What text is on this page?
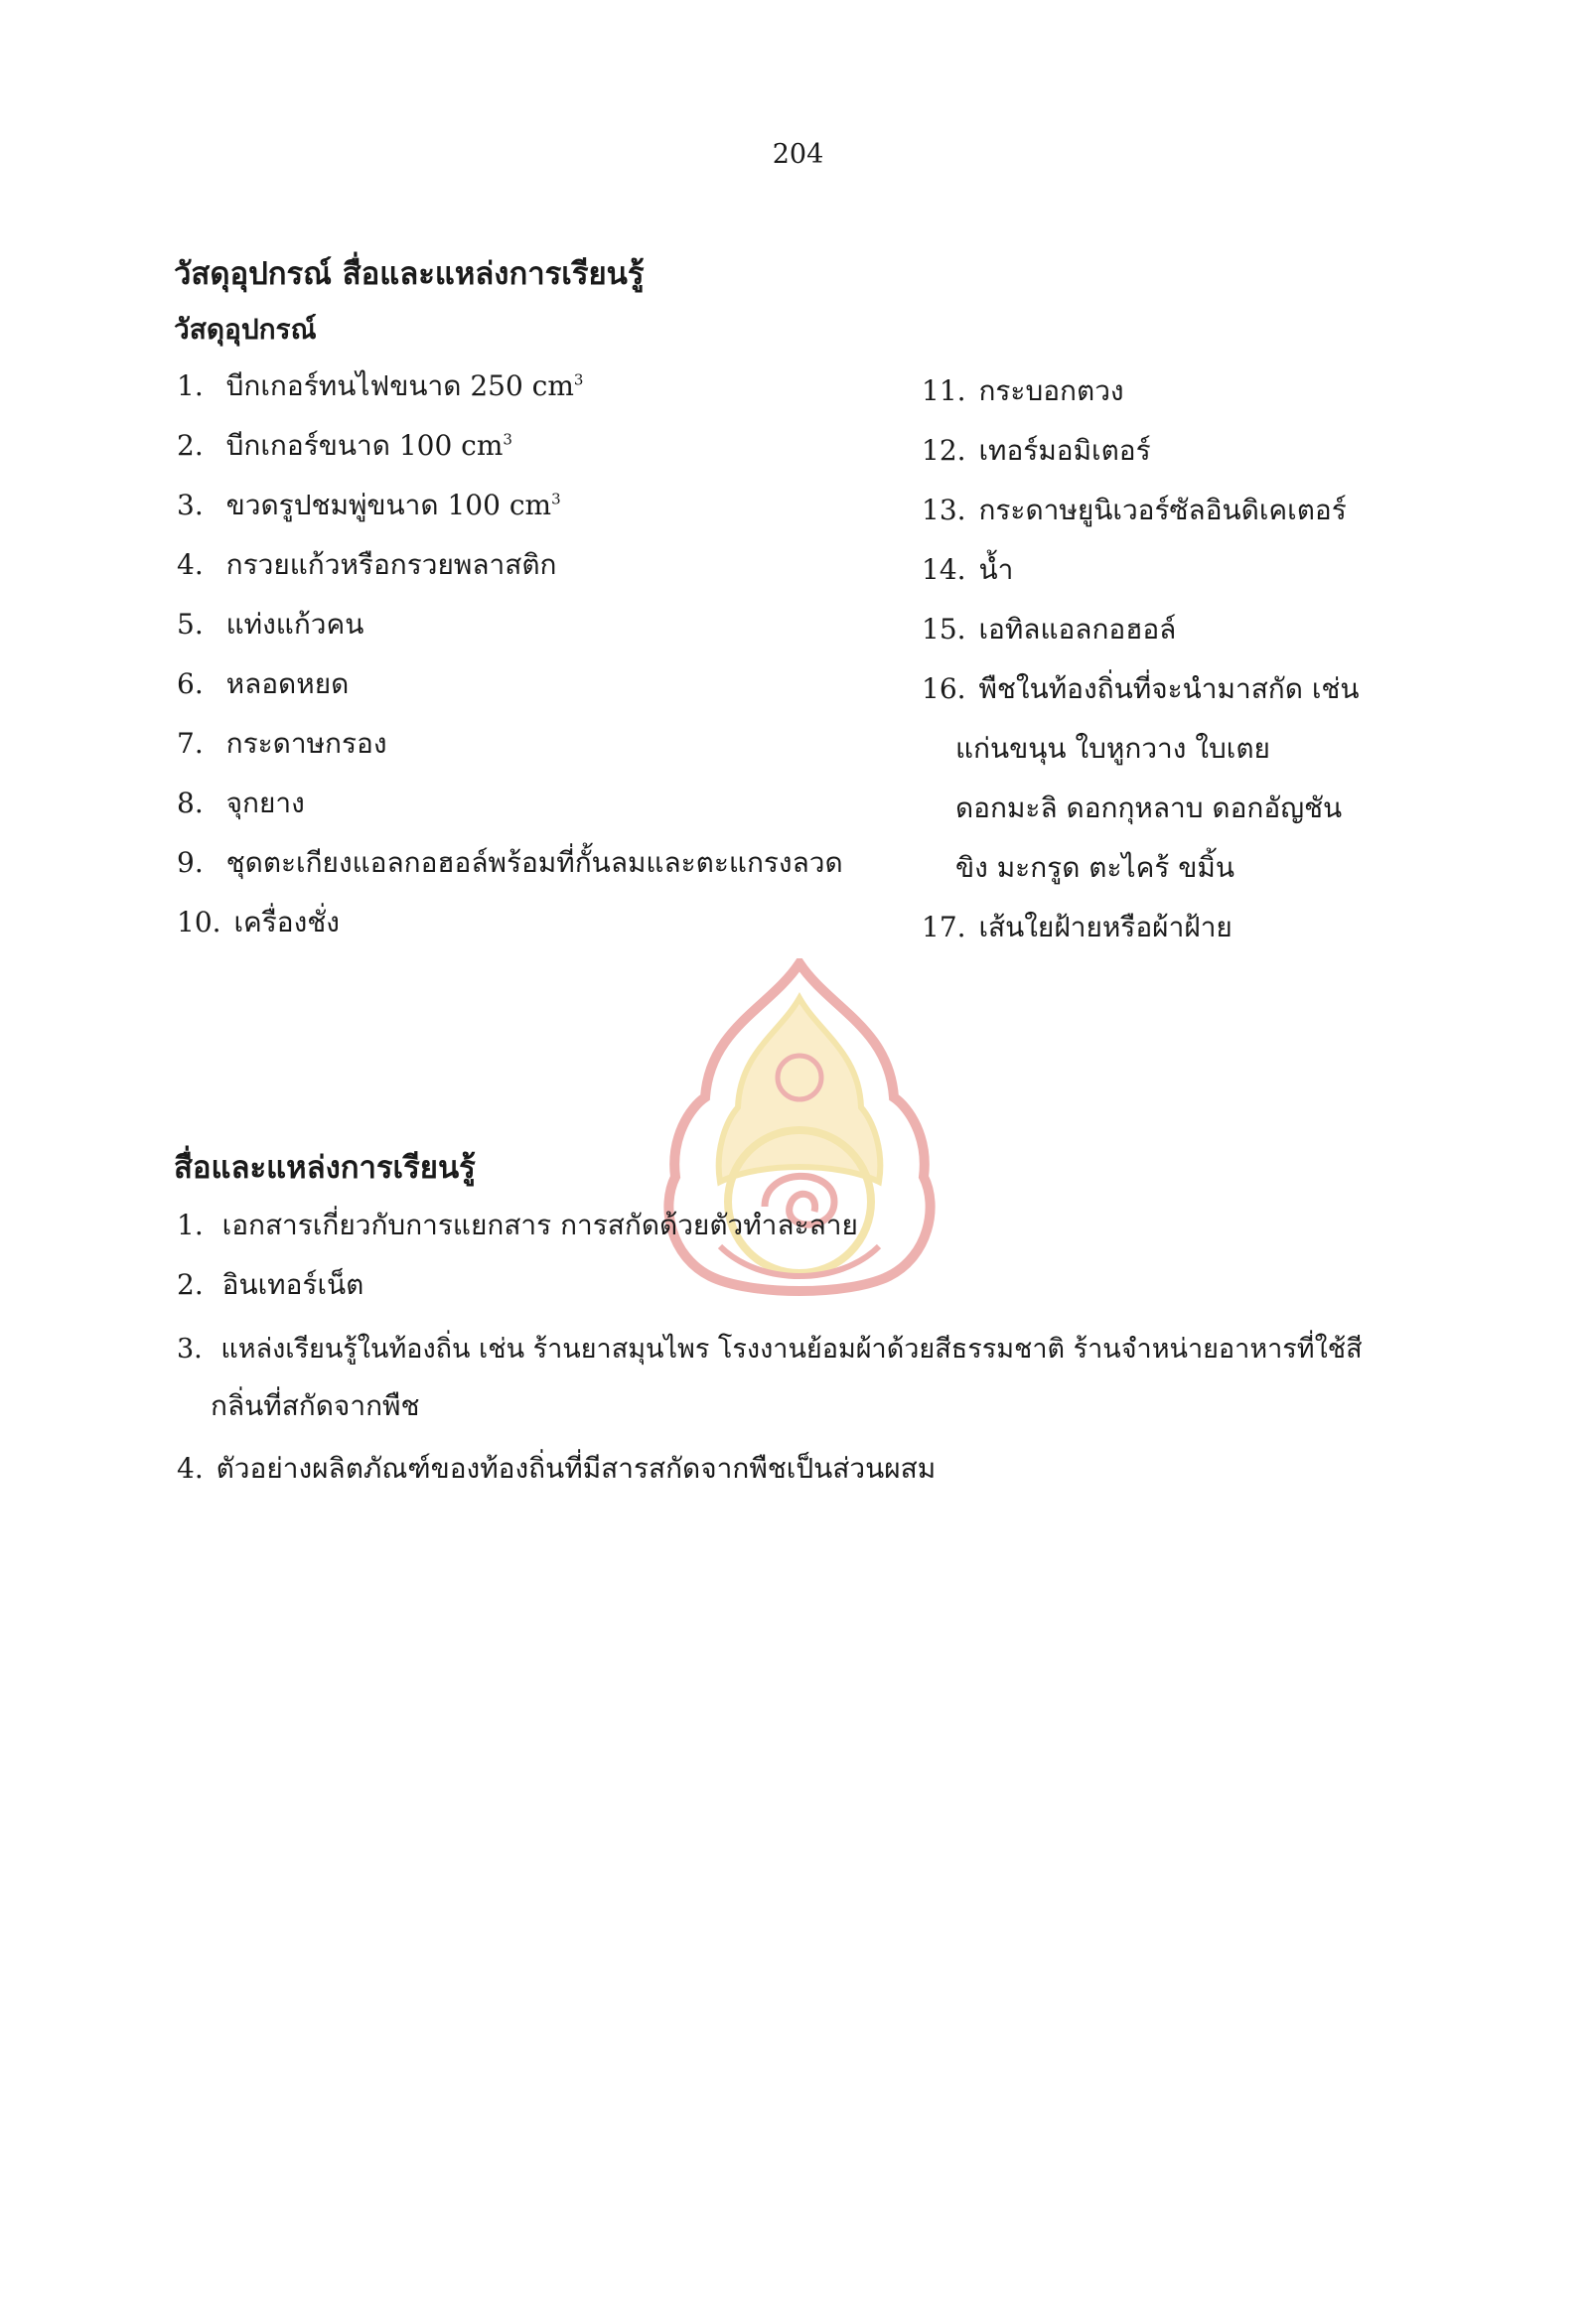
204
วัสดุอุปกรณ์ สื่อและแหล่งการเรียนรู้
วัสดุอุปกรณ์
1. บีกเกอร์ทนไฟขนาด 250 $cm^3$
2. บีกเกอร์ขนาด 100 $cm^3$
3. ขวดรูปชมพู่ขนาด 100 $cm^3$
4. กรวยแก้วหรือกรวยพลาสติก
5. แท่งแก้วคน
6. หลอดหยด
7. กระดาษกรอง
8. จุกยาง
9. ชุดตะเกียงแอลกอฮอล์พร้อมที่กั้นลมและตะแกรงลวด
10. เครื่องชั่ง
11. กระบอกตวง
12. เทอร์มอมิเตอร์
13. กระดาษยูนิเวอร์ซัลอินดิเคเตอร์
14. น้ำ
15. เอทิลแอลกอฮอล์
16. พืชในท้องถิ่นที่จะนำมาสกัด เช่น
แก่นขนุน ใบหูกวาง ใบเตย
ดอกมะลิ ดอกกุหลาบ ดอกอัญชัน
ขิง มะกรูด ตะไคร้ ขมิ้น
17. เส้นใยฝ้ายหรือผ้าฝ้าย
สื่อและแหล่งการเรียนรู้
1. เอกสารเกี่ยวกับการแยกสาร การสกัดด้วยตัวทำละลาย
2. อินเทอร์เน็ต
3. แหล่งเรียนรู้ในท้องถิ่น เช่น ร้านยาสมุนไพร โรงงานย้อมผ้าด้วยสีธรรมชาติ ร้านจำหน่ายอาหารที่ใช้สี
กลิ่นที่สกัดจากพืช
4. ตัวอย่างผลิตภัณฑ์ของท้องถิ่นที่มีสารสกัดจากพืชเป็นส่วนผสม
